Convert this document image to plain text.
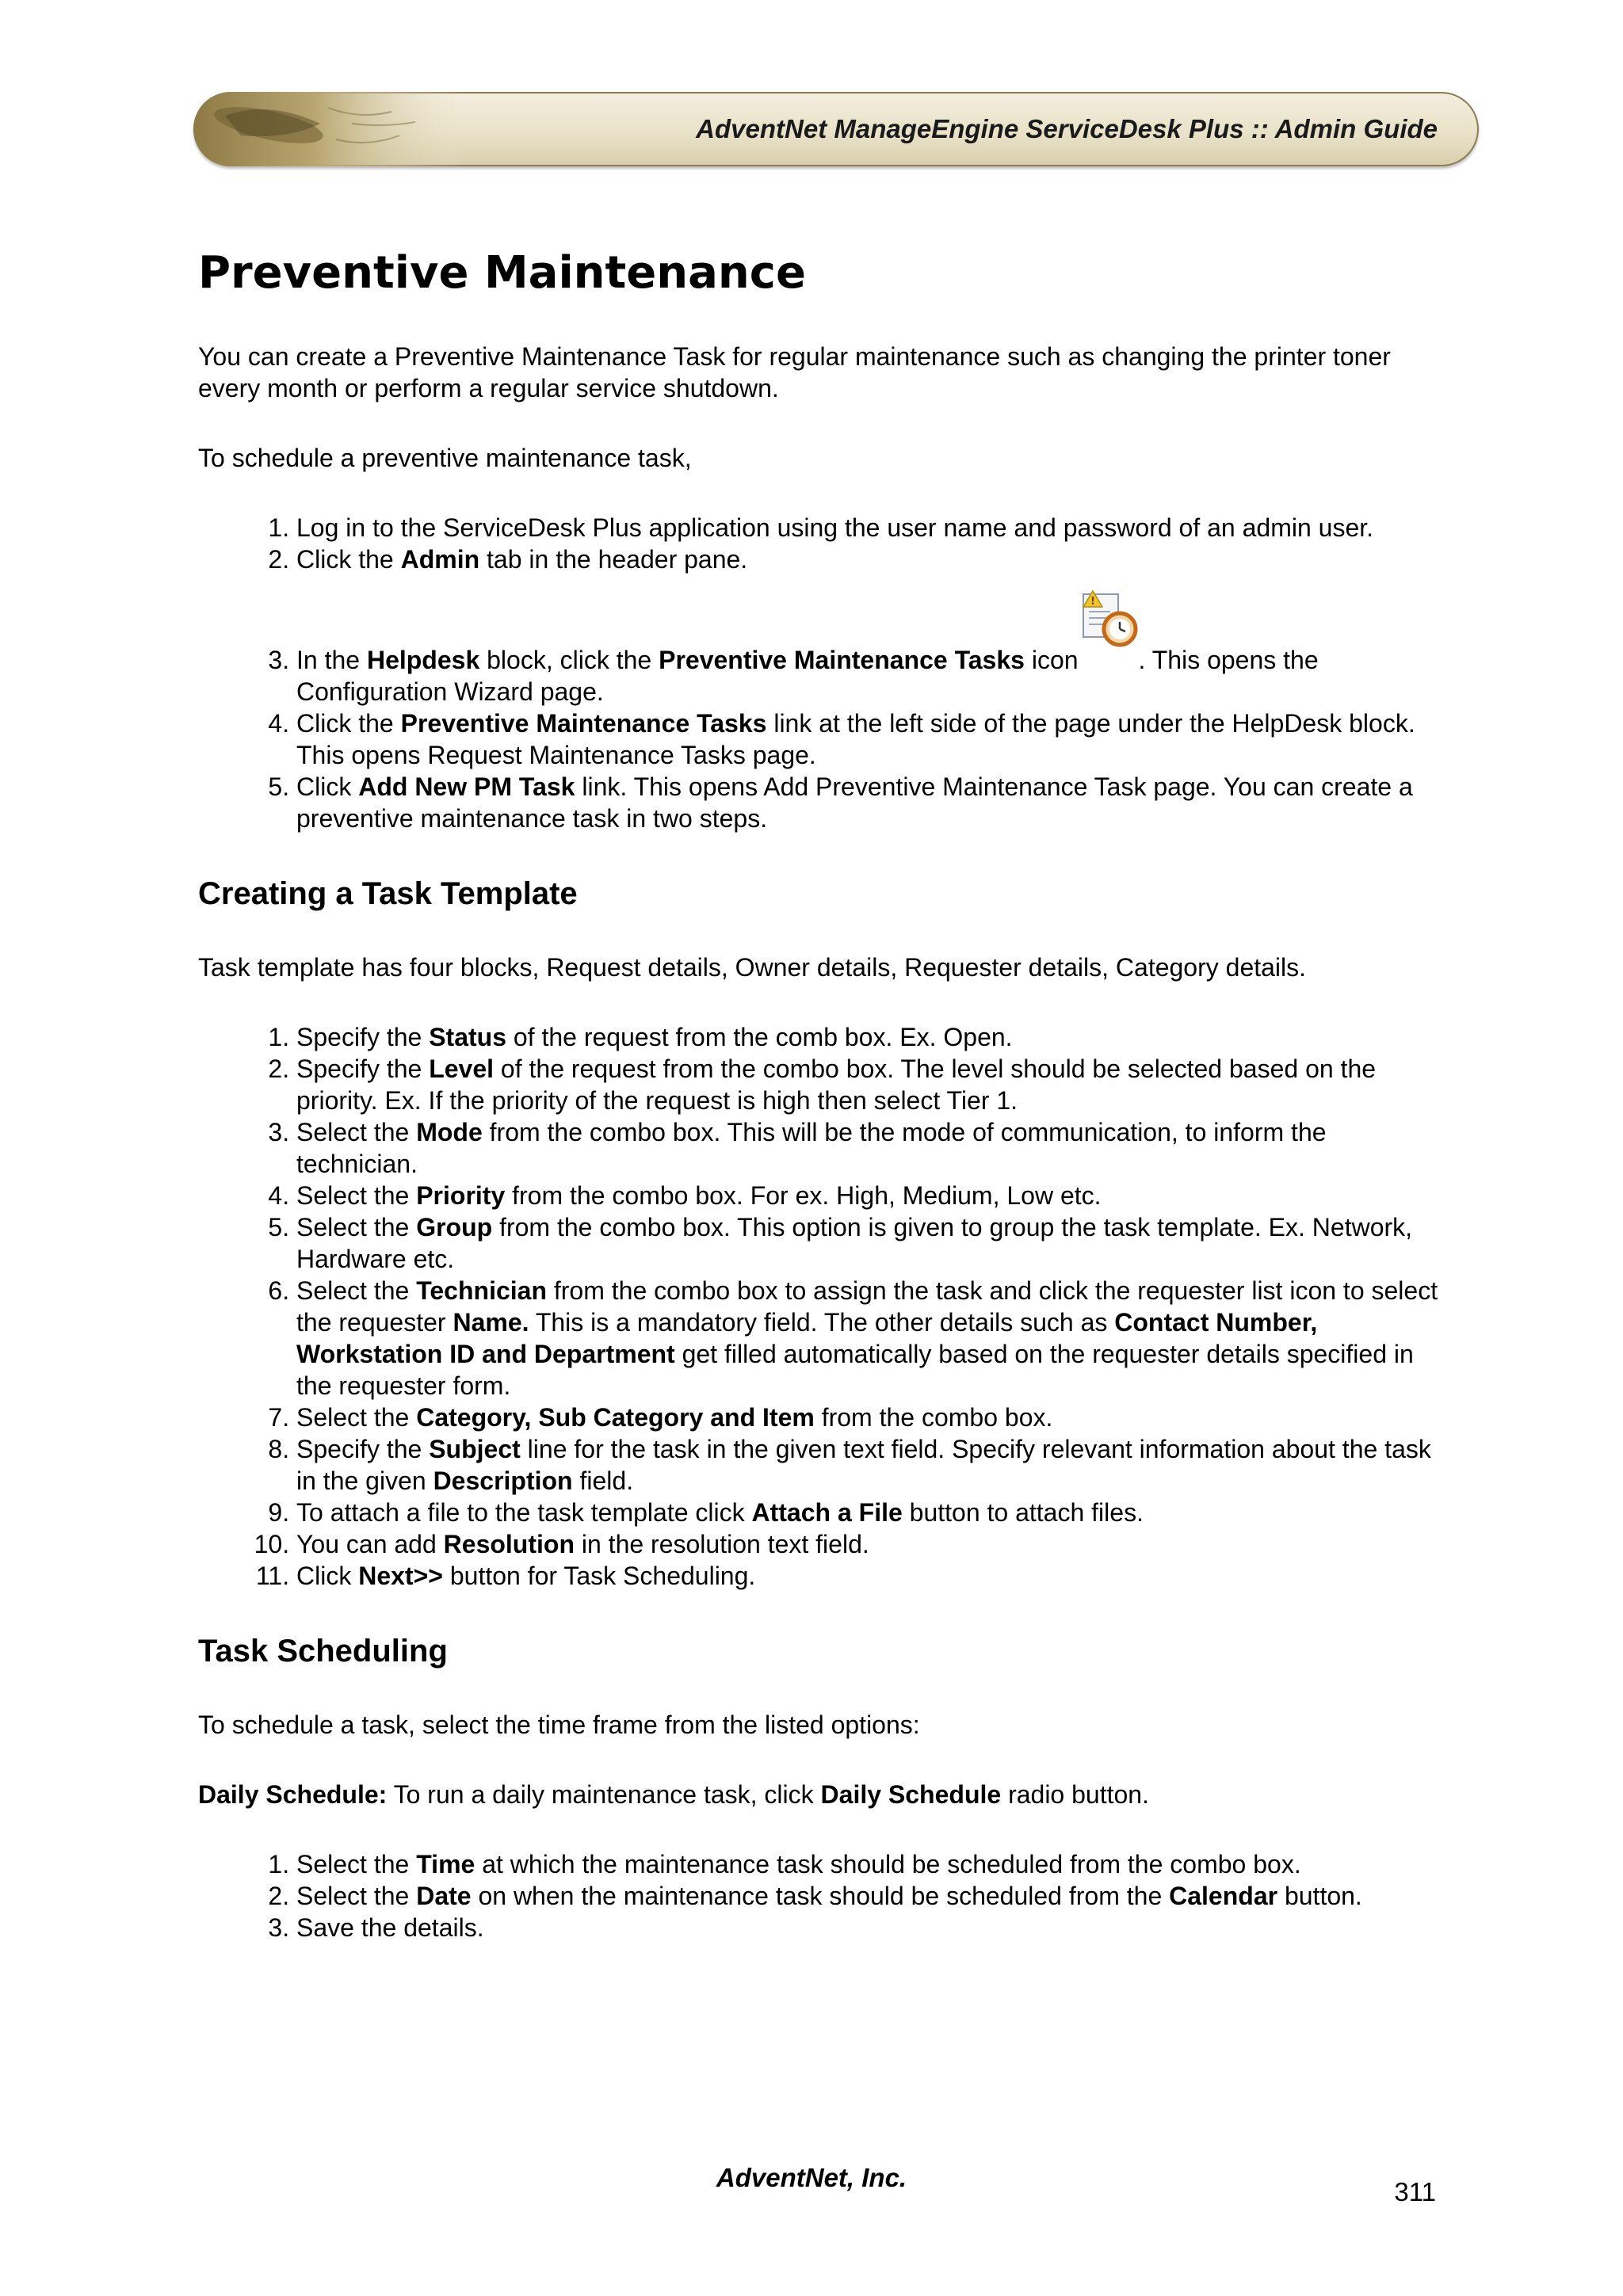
AdventNet ManageEngine ServiceDesk Plus :: Admin Guide
Preventive Maintenance

You can create a Preventive Maintenance Task for regular maintenance such as changing the printer toner every month or perform a regular service shutdown.

To schedule a preventive maintenance task,

1. Log in to the ServiceDesk Plus application using the user name and password of an admin user.
2. Click the Admin tab in the header pane.
3. In the Helpdesk block, click the Preventive Maintenance Tasks icon
!
. This opens the Configuration Wizard page.
4. Click the Preventive Maintenance Tasks link at the left side of the page under the HelpDesk block. This opens Request Maintenance Tasks page.
5. Click Add New PM Task link. This opens Add Preventive Maintenance Task page. You can create a preventive maintenance task in two steps.
Creating a Task Template

Task template has four blocks, Request details, Owner details, Requester details, Category details.

1. Specify the Status of the request from the comb box. Ex. Open.
2. Specify the Level of the request from the combo box. The level should be selected based on the priority. Ex. If the priority of the request is high then select Tier 1.
3. Select the Mode from the combo box. This will be the mode of communication, to inform the technician.
4. Select the Priority from the combo box. For ex. High, Medium, Low etc.
5. Select the Group from the combo box. This option is given to group the task template. Ex. Network, Hardware etc.
6. Select the Technician from the combo box to assign the task and click the requester list icon to select the requester Name. This is a mandatory field. The other details such as Contact Number, Workstation ID and Department get filled automatically based on the requester details specified in the requester form.
7. Select the Category, Sub Category and Item from the combo box.
8. Specify the Subject line for the task in the given text field. Specify relevant information about the task in the given Description field.
9. To attach a file to the task template click Attach a File button to attach files.
10. You can add Resolution in the resolution text field.
11. Click Next>> button for Task Scheduling.
Task Scheduling

To schedule a task, select the time frame from the listed options:

Daily Schedule: To run a daily maintenance task, click Daily Schedule radio button.

1. Select the Time at which the maintenance task should be scheduled from the combo box.
2. Select the Date on when the maintenance task should be scheduled from the Calendar button.
3. Save the details.
AdventNet, Inc.	311
